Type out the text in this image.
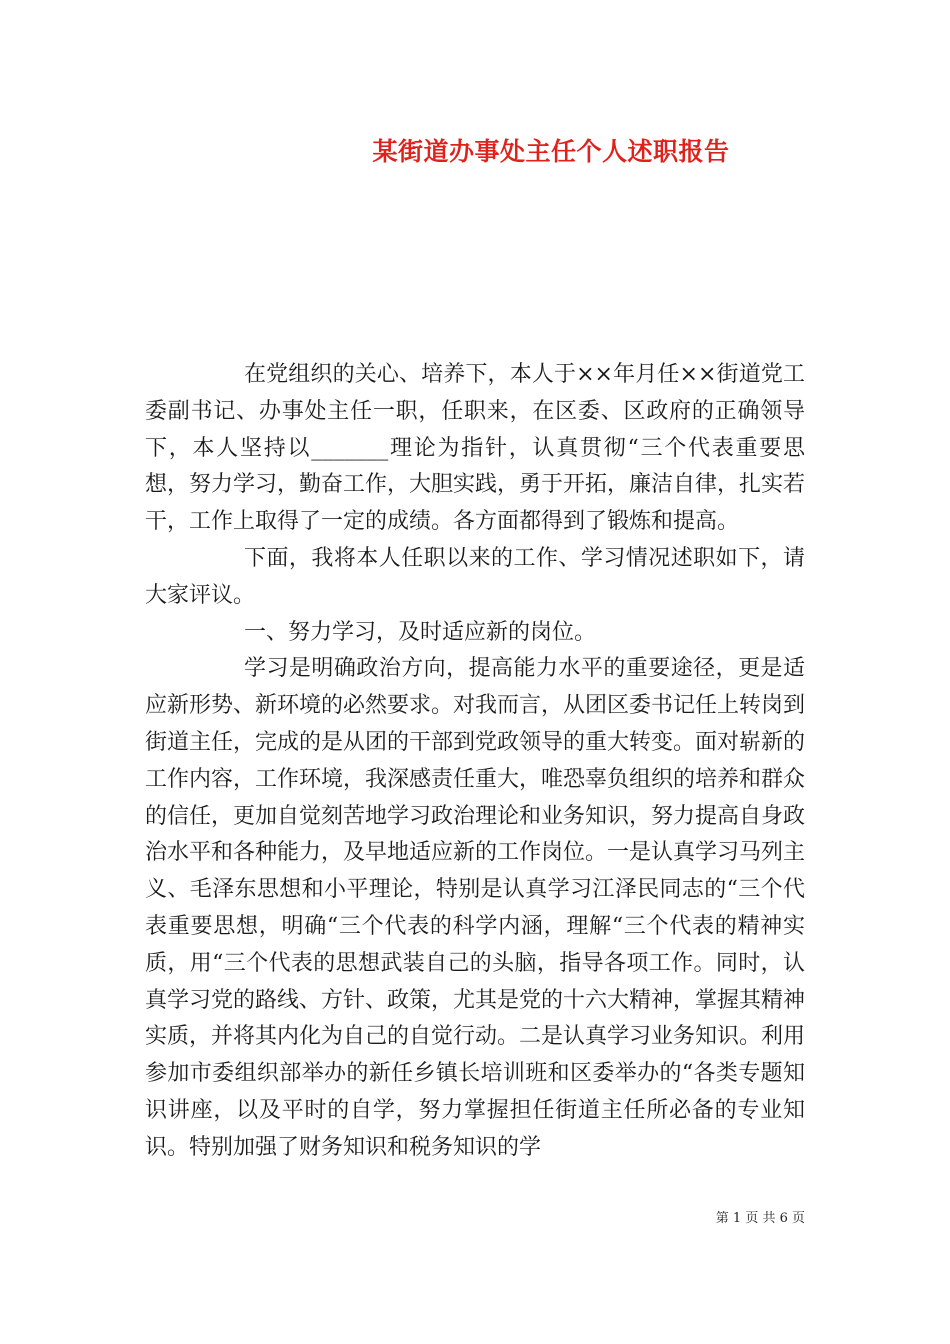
某街道办事处主任个人述职报告

在党组织的关心、培养下，本人于××年月任××街道党工委副书记、办事处主任一职，任职来，在区委、区政府的正确领导下，本人坚持以_______理论为指针，认真贯彻“三个代表重要思想，努力学习，勤奋工作，大胆实践，勇于开拓，廉洁自律，扎实若干，工作上取得了一定的成绩。各方面都得到了锻炼和提高。

下面，我将本人任职以来的工作、学习情况述职如下，请大家评议。

一、努力学习，及时适应新的岗位。

学习是明确政治方向，提高能力水平的重要途径，更是适应新形势、新环境的必然要求。对我而言，从团区委书记任上转岗到街道主任，完成的是从团的干部到党政领导的重大转变。面对崭新的工作内容，工作环境，我深感责任重大，唯恐辜负组织的培养和群众的信任，更加自觉刻苦地学习政治理论和业务知识，努力提高自身政治水平和各种能力，及早地适应新的工作岗位。一是认真学习马列主义、毛泽东思想和小平理论，特别是认真学习江泽民同志的“三个代表重要思想，明确“三个代表的科学内涵，理解“三个代表的精神实质，用“三个代表的思想武装自己的头脑，指导各项工作。同时，认真学习党的路线、方针、政策，尤其是党的十六大精神，掌握其精神实质，并将其内化为自己的自觉行动。二是认真学习业务知识。利用参加市委组织部举办的新任乡镇长培训班和区委举办的“各类专题知识讲座，以及平时的自学，努力掌握担任街道主任所必备的专业知识。特别加强了财务知识和税务知识的学

第 1 页 共 6 页
